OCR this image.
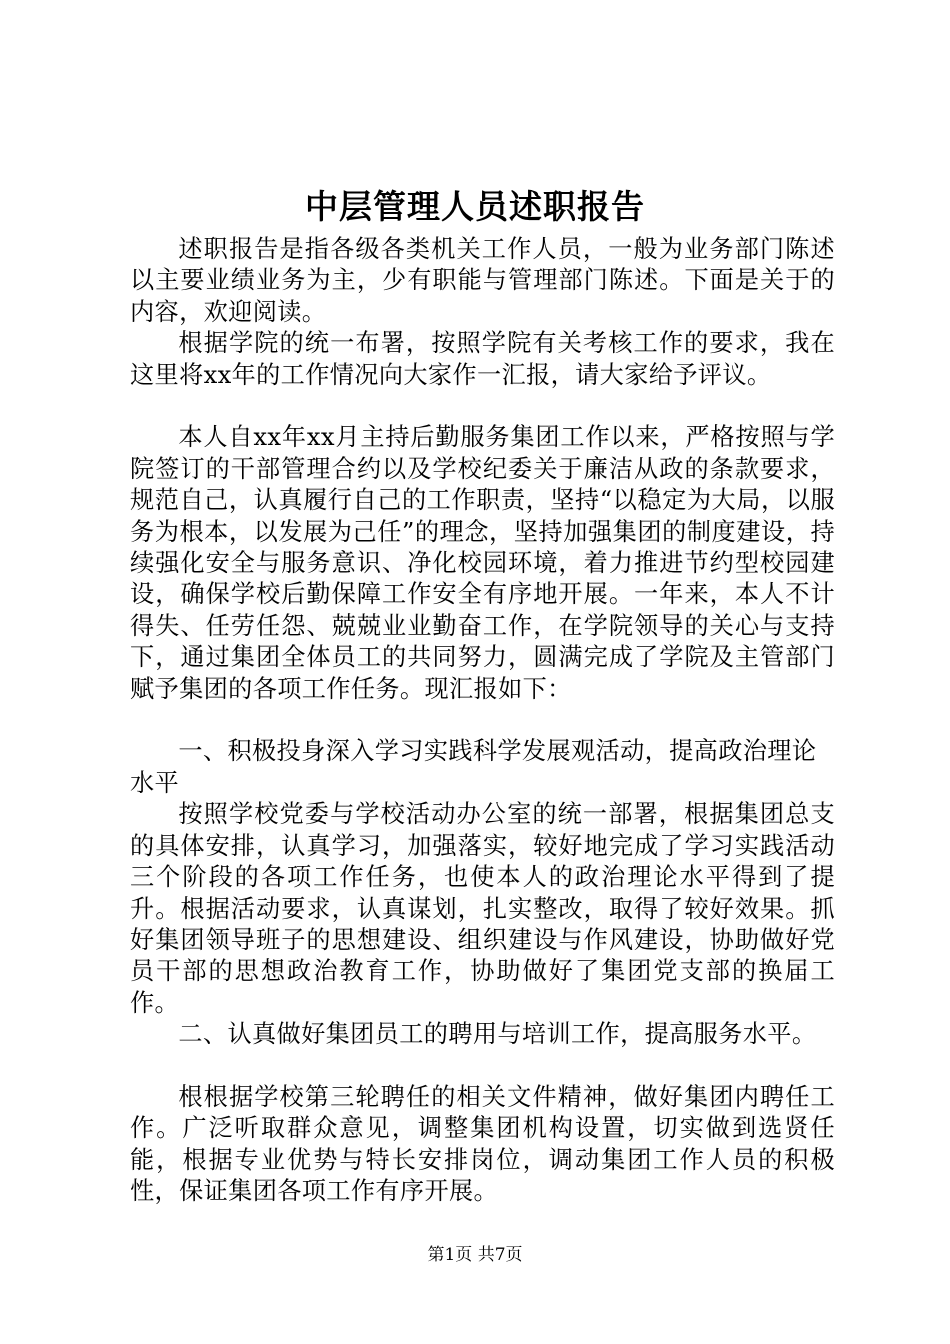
中层管理人员述职报告

述职报告是指各级各类机关工作人员，一般为业务部门陈述以主要业绩业务为主，少有职能与管理部门陈述。下面是关于的内容，欢迎阅读。

根据学院的统一布署，按照学院有关考核工作的要求，我在这里将xx年的工作情况向大家作一汇报，请大家给予评议。

本人自xx年xx月主持后勤服务集团工作以来，严格按照与学院签订的干部管理合约以及学校纪委关于廉洁从政的条款要求，规范自己，认真履行自己的工作职责，坚持“以稳定为大局，以服务为根本，以发展为己任”的理念，坚持加强集团的制度建设，持续强化安全与服务意识、净化校园环境，着力推进节约型校园建设，确保学校后勤保障工作安全有序地开展。一年来，本人不计得失、任劳任怨、兢兢业业勤奋工作，在学院领导的关心与支持下，通过集团全体员工的共同努力，圆满完成了学院及主管部门赋予集团的各项工作任务。现汇报如下：

一、积极投身深入学习实践科学发展观活动，提高政治理论水平

按照学校党委与学校活动办公室的统一部署，根据集团总支的具体安排，认真学习，加强落实，较好地完成了学习实践活动三个阶段的各项工作任务，也使本人的政治理论水平得到了提升。根据活动要求，认真谋划，扎实整改，取得了较好效果。抓好集团领导班子的思想建设、组织建设与作风建设，协助做好党员干部的思想政治教育工作，协助做好了集团党支部的换届工作。

二、认真做好集团员工的聘用与培训工作，提高服务水平。

根根据学校第三轮聘任的相关文件精神，做好集团内聘任工作。广泛听取群众意见，调整集团机构设置，切实做到选贤任能，根据专业优势与特长安排岗位，调动集团工作人员的积极性，保证集团各项工作有序开展。

第1页 共7页
